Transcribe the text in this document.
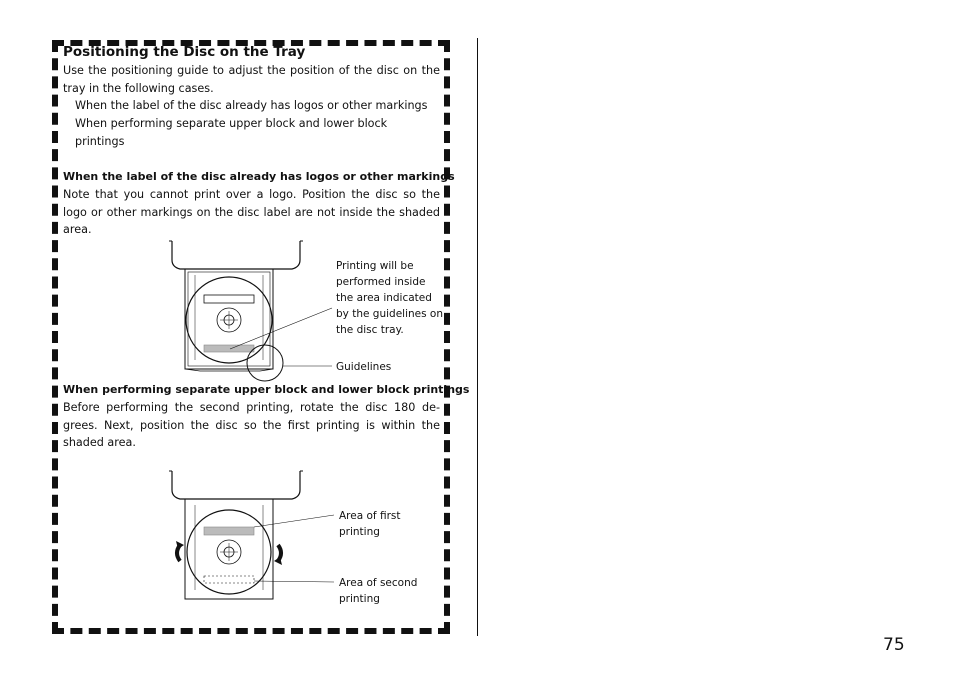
Positioning the Disc on the Tray
Use the positioning guide to adjust the position of the disc on the tray in the following cases.
When the label of the disc already has logos or other markings
When performing separate upper block and lower block printings
When the label of the disc already has logos or other markings
Note that you cannot print over a logo. Position the disc so the logo or other markings on the disc label are not inside the shaded area.
Printing will be performed inside the area indicated by the guidelines on the disc tray.
Guidelines
When performing separate upper block and lower block printings
Before performing the second printing, rotate the disc 180 de-grees. Next, position the disc so the first printing is within the shaded area.
Area of first printing
Area of second printing
75
